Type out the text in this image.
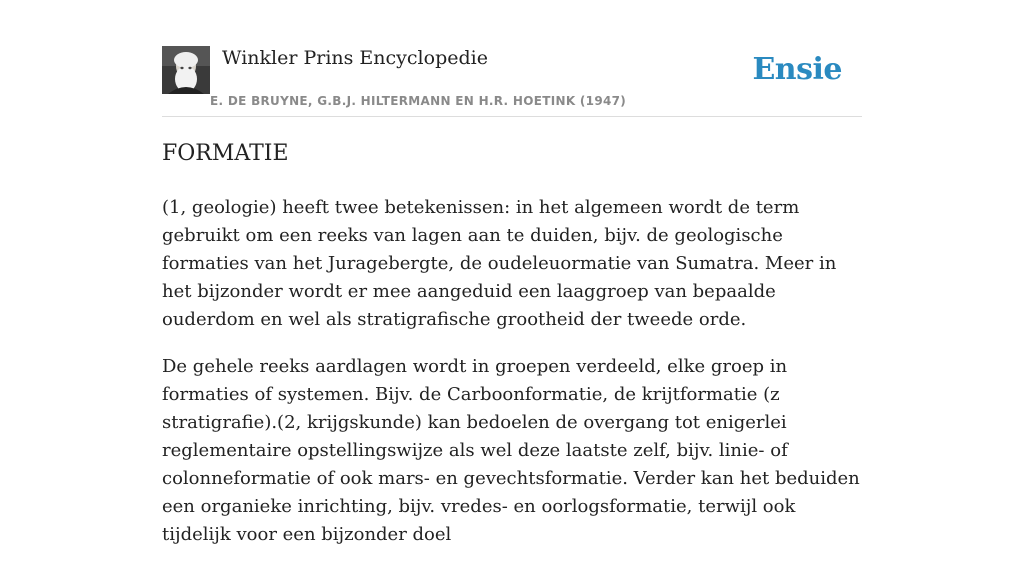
Winkler Prins Encyclopedie
E. DE BRUYNE, G.B.J. HILTERMANN EN H.R. HOETINK (1947)
Ensie
FORMATIE

(1, geologie) heeft twee betekenissen: in het algemeen wordt de term gebruikt om een reeks van lagen aan te duiden, bijv. de geologische formaties van het Juragebergte, de oudeleuormatie van Sumatra. Meer in het bijzonder wordt er mee aangeduid een laaggroep van bepaalde ouderdom en wel als stratigrafische grootheid der tweede orde.

De gehele reeks aardlagen wordt in groepen verdeeld, elke groep in formaties of systemen. Bijv. de Carboonformatie, de krijtformatie (z stratigrafie).(2, krijgskunde) kan bedoelen de overgang tot enigerlei reglementaire opstellingswijze als wel deze laatste zelf, bijv. linie- of colonneformatie of ook mars- en gevechtsformatie. Verder kan het beduiden een organieke inrichting, bijv. vredes- en oorlogsformatie, terwijl ook tijdelijk voor een bijzonder doel
